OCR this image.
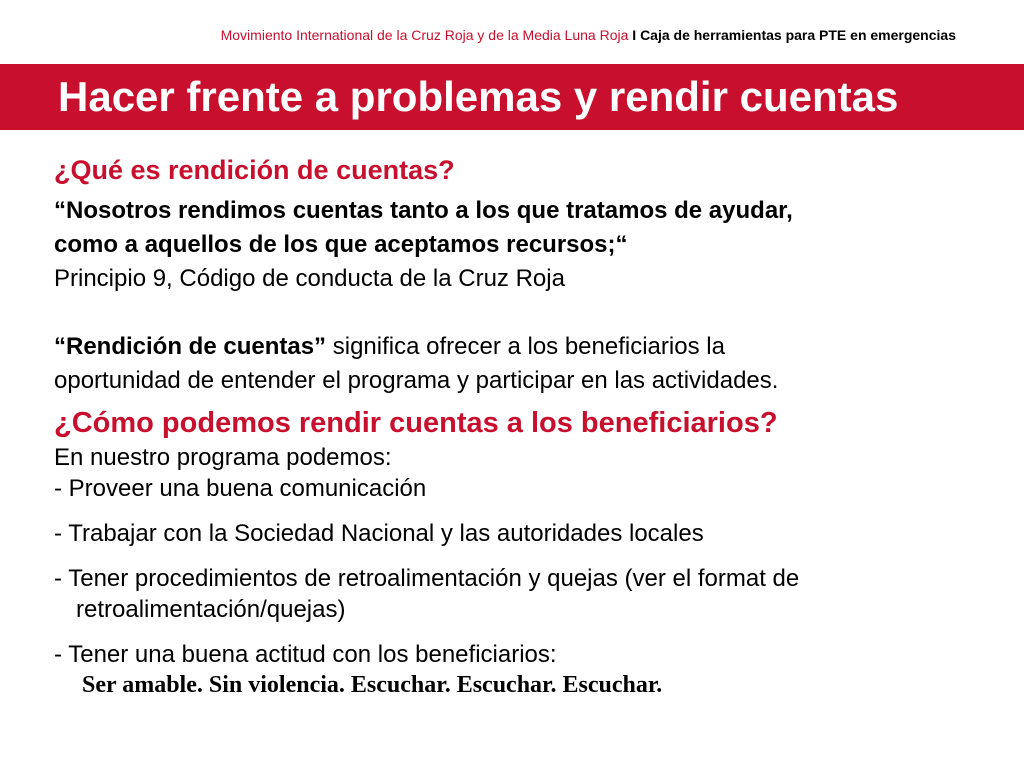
Movimiento International de la Cruz Roja y de la Media Luna Roja I Caja de herramientas para PTE en emergencias
Hacer frente a problemas y rendir cuentas
¿Qué es rendición de cuentas?
“Nosotros rendimos cuentas tanto a los que tratamos de ayudar,
como a aquellos de los que aceptamos recursos;“
Principio 9, Código de conducta de la Cruz Roja
“Rendición de cuentas” significa ofrecer a los beneficiarios la
oportunidad de entender el programa y participar en las actividades.
¿Cómo podemos rendir cuentas a los beneficiarios?
En nuestro programa podemos:
- Proveer una buena comunicación
- Trabajar con la Sociedad Nacional y las autoridades locales
- Tener procedimientos de retroalimentación y quejas (ver el format de
retroalimentación/quejas)
- Tener una buena actitud con los beneficiarios:
Ser amable. Sin violencia. Escuchar. Escuchar. Escuchar.
